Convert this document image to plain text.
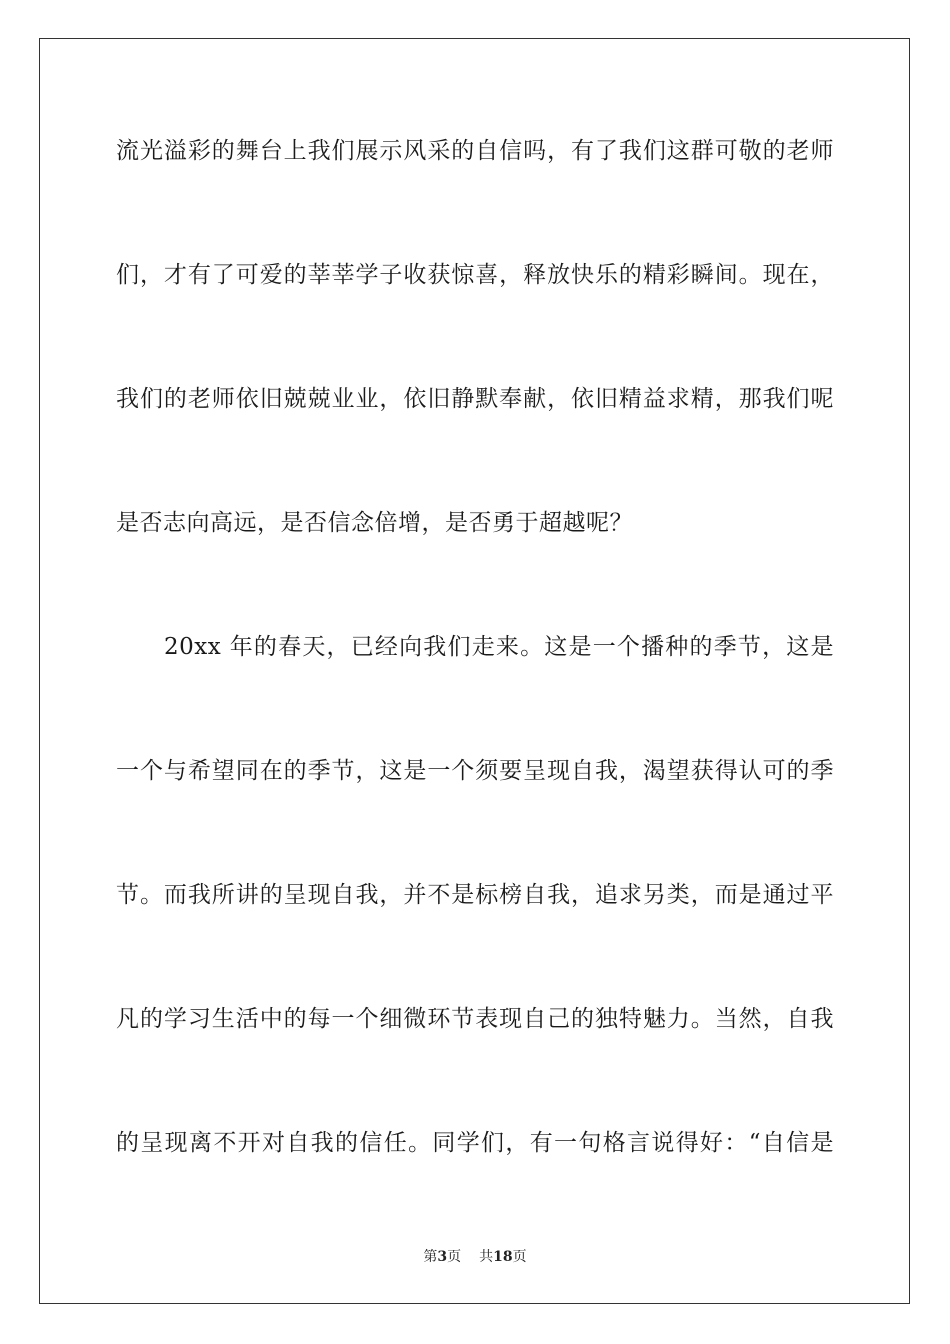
流光溢彩的舞台上我们展示风采的自信吗，有了我们这群可敬的老师
们，才有了可爱的莘莘学子收获惊喜，释放快乐的精彩瞬间。现在，
我们的老师依旧兢兢业业，依旧静默奉献，依旧精益求精，那我们呢
是否志向高远，是否信念倍增，是否勇于超越呢？
20xx 年的春天，已经向我们走来。这是一个播种的季节，这是
一个与希望同在的季节，这是一个须要呈现自我，渴望获得认可的季
节。而我所讲的呈现自我，并不是标榜自我，追求另类，而是通过平
凡的学习生活中的每一个细微环节表现自己的独特魅力。当然，自我
的呈现离不开对自我的信任。同学们，有一句格言说得好：“自信是
第3页 共18页
